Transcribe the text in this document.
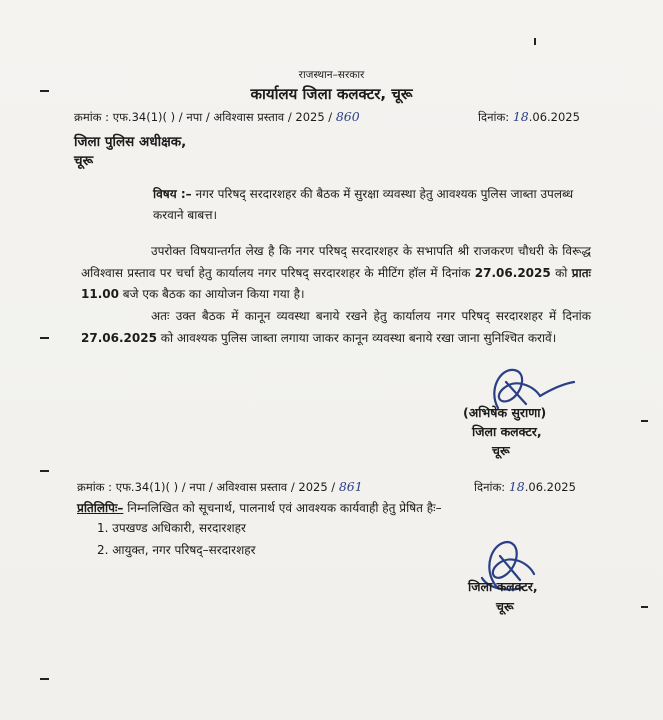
राजस्थान–सरकार
कार्यालय जिला कलक्टर, चूरू
क्रमांक : एफ.34(1)( ) / नपा / अविश्वास प्रस्ताव / 2025 / 860	दिनांक: 18.06.2025
जिला पुलिस अधीक्षक,
चूरू
विषय :– नगर परिषद् सरदारशहर की बैठक में सुरक्षा व्यवस्था हेतु आवश्यक पुलिस जाब्ता उपलब्ध करवाने बाबत्त।
उपरोक्त विषयान्तर्गत लेख है कि नगर परिषद् सरदारशहर के सभापति श्री राजकरण चौधरी के विरूद्ध अविश्वास प्रस्ताव पर चर्चा हेतु कार्यालय नगर परिषद् सरदारशहर के मीटिंग हॉल में दिनांक 27.06.2025 को प्रातः 11.00 बजे एक बैठक का आयोजन किया गया है।
अतः उक्त बैठक में कानून व्यवस्था बनाये रखने हेतु कार्यालय नगर परिषद् सरदारशहर में दिनांक 27.06.2025 को आवश्यक पुलिस जाब्ता लगाया जाकर कानून व्यवस्था बनाये रखा जाना सुनिश्चित करावें।
(अभिषेक सुराणा)
जिला कलक्टर,
चूरू
क्रमांक : एफ.34(1)( ) / नपा / अविश्वास प्रस्ताव / 2025 / 861	दिनांक: 18.06.2025
प्रतिलिपिः– निम्नलिखित को सूचनार्थ, पालनार्थ एवं आवश्यक कार्यवाही हेतु प्रेषित हैः–
1. उपखण्ड अधिकारी, सरदारशहर
2. आयुक्त, नगर परिषद्–सरदारशहर
जिला कलक्टर,
चूरू
